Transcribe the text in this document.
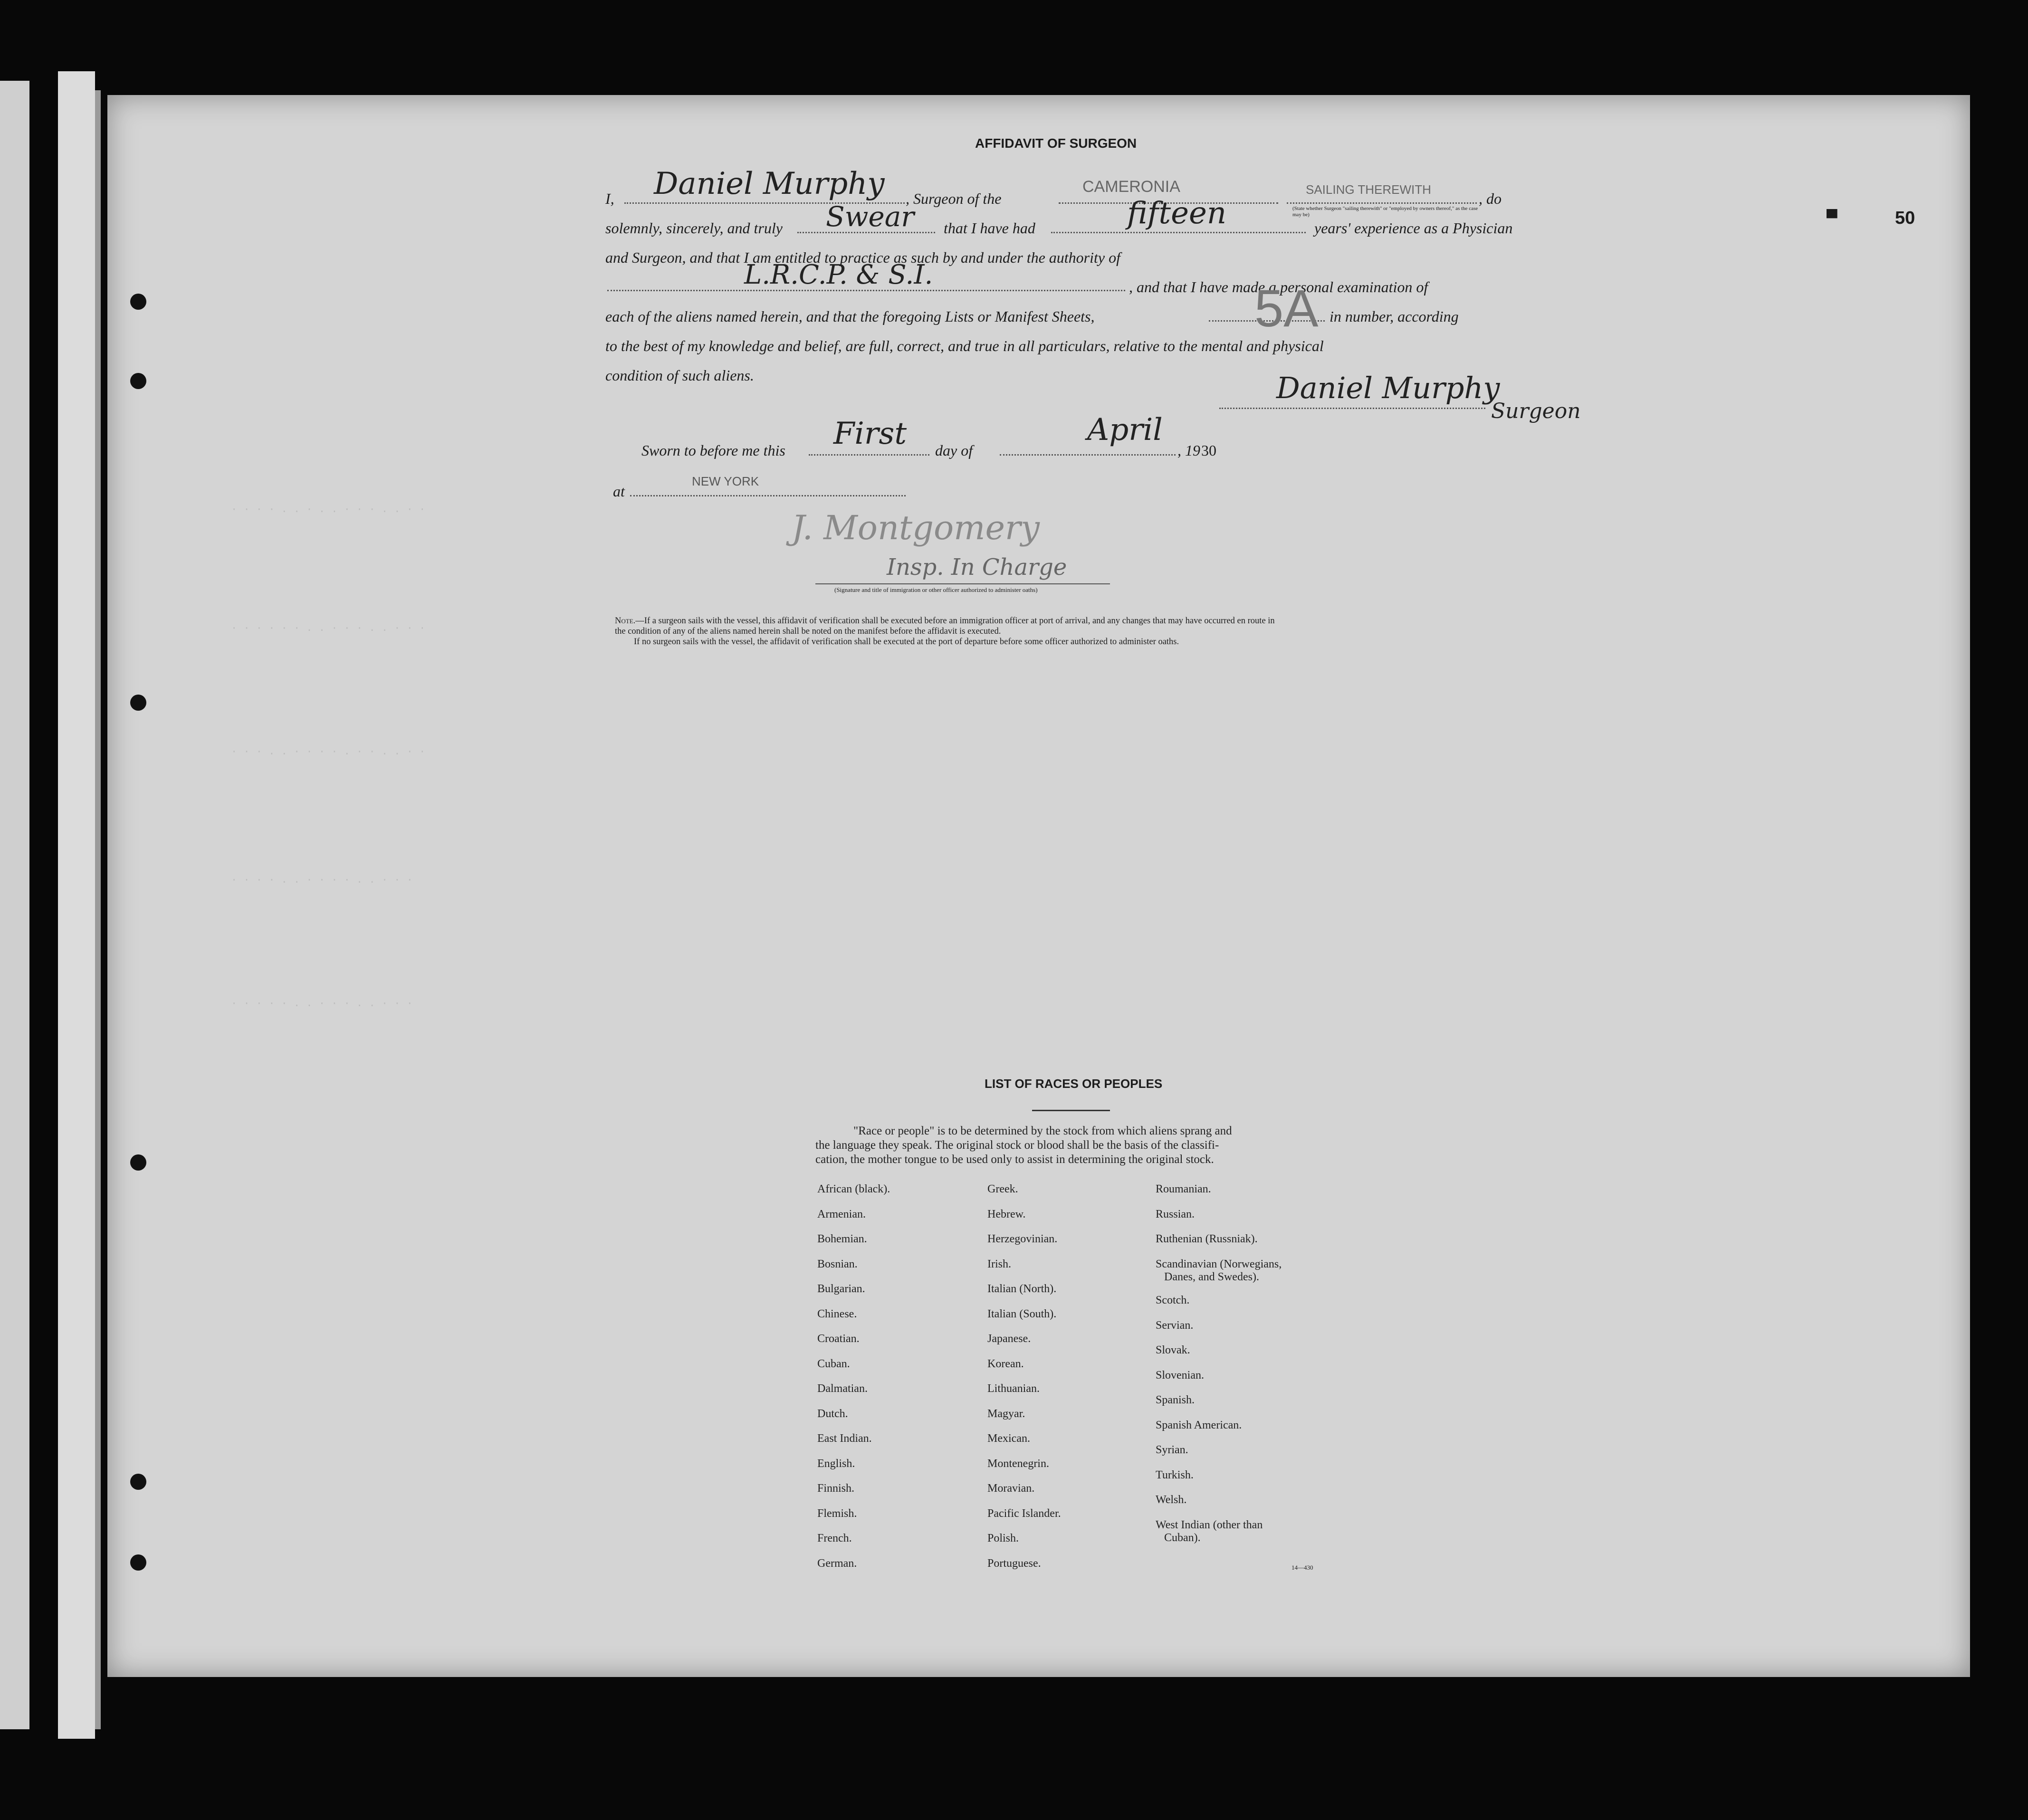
· · · · . . · . . · · · . . · ·
· · · · · · . . · · · . . · · ·
· · · . . · · · · . · · . . · ·
· · · · . . · · · · . . · · ·
· · · · · . . · · · . . · · ·
50
▀
AFFIDAVIT OF SURGEON
I, Daniel Murphy , Surgeon of the
CAMERONIA	SAILING THEREWITH
, do
(State whether Surgeon "sailing therewith" or "employed by owners thereof," as the case may be)
solemnly, sincerely, and truly Swear that I have had	fifteen	years' experience as a Physician
and Surgeon, and that I am entitled to practice as such by and under the authority of
L.R.C.P. & S.I.	, and that I have made a personal examination of
each of the aliens named herein, and that the foregoing Lists or Manifest Sheets,	5A in number, according
to the best of my knowledge and belief, are full, correct, and true in all particulars, relative to the mental and physical
condition of such aliens.	Daniel Murphy
Surgeon
Sworn to before me this First day of
April
, 19 30
at
NEW YORK
J. Montgomery
Insp. In Charge
(Signature and title of immigration or other officer authorized to administer oaths)
Note.—If a surgeon sails with the vessel, this affidavit of verification shall be executed before an immigration officer at port of arrival, and any changes that may have occurred en route in
the condition of any of the aliens named herein shall be noted on the manifest before the affidavit is executed.
If no surgeon sails with the vessel, the affidavit of verification shall be executed at the port of departure before some officer authorized to administer oaths.
LIST OF RACES OR PEOPLES
"Race or people" is to be determined by the stock from which aliens sprang and
the language they speak. The original stock or blood shall be the basis of the classifi-
cation, the mother tongue to be used only to assist in determining the original stock.
African (black).
Armenian.
Bohemian.
Bosnian.
Bulgarian.
Chinese.
Croatian.
Cuban.
Dalmatian.
Dutch.
East Indian.
English.
Finnish.
Flemish.
French.
German.
Greek.
Hebrew.
Herzegovinian.
Irish.
Italian (North).
Italian (South).
Japanese.
Korean.
Lithuanian.
Magyar.
Mexican.
Montenegrin.
Moravian.
Pacific Islander.
Polish.
Portuguese.
Roumanian.
Russian.
Ruthenian (Russniak).
Scandinavian (Norwegians,
Danes, and Swedes).
Scotch.
Servian.
Slovak.
Slovenian.
Spanish.
Spanish American.
Syrian.
Turkish.
Welsh.
West Indian (other than
Cuban).
14—430
